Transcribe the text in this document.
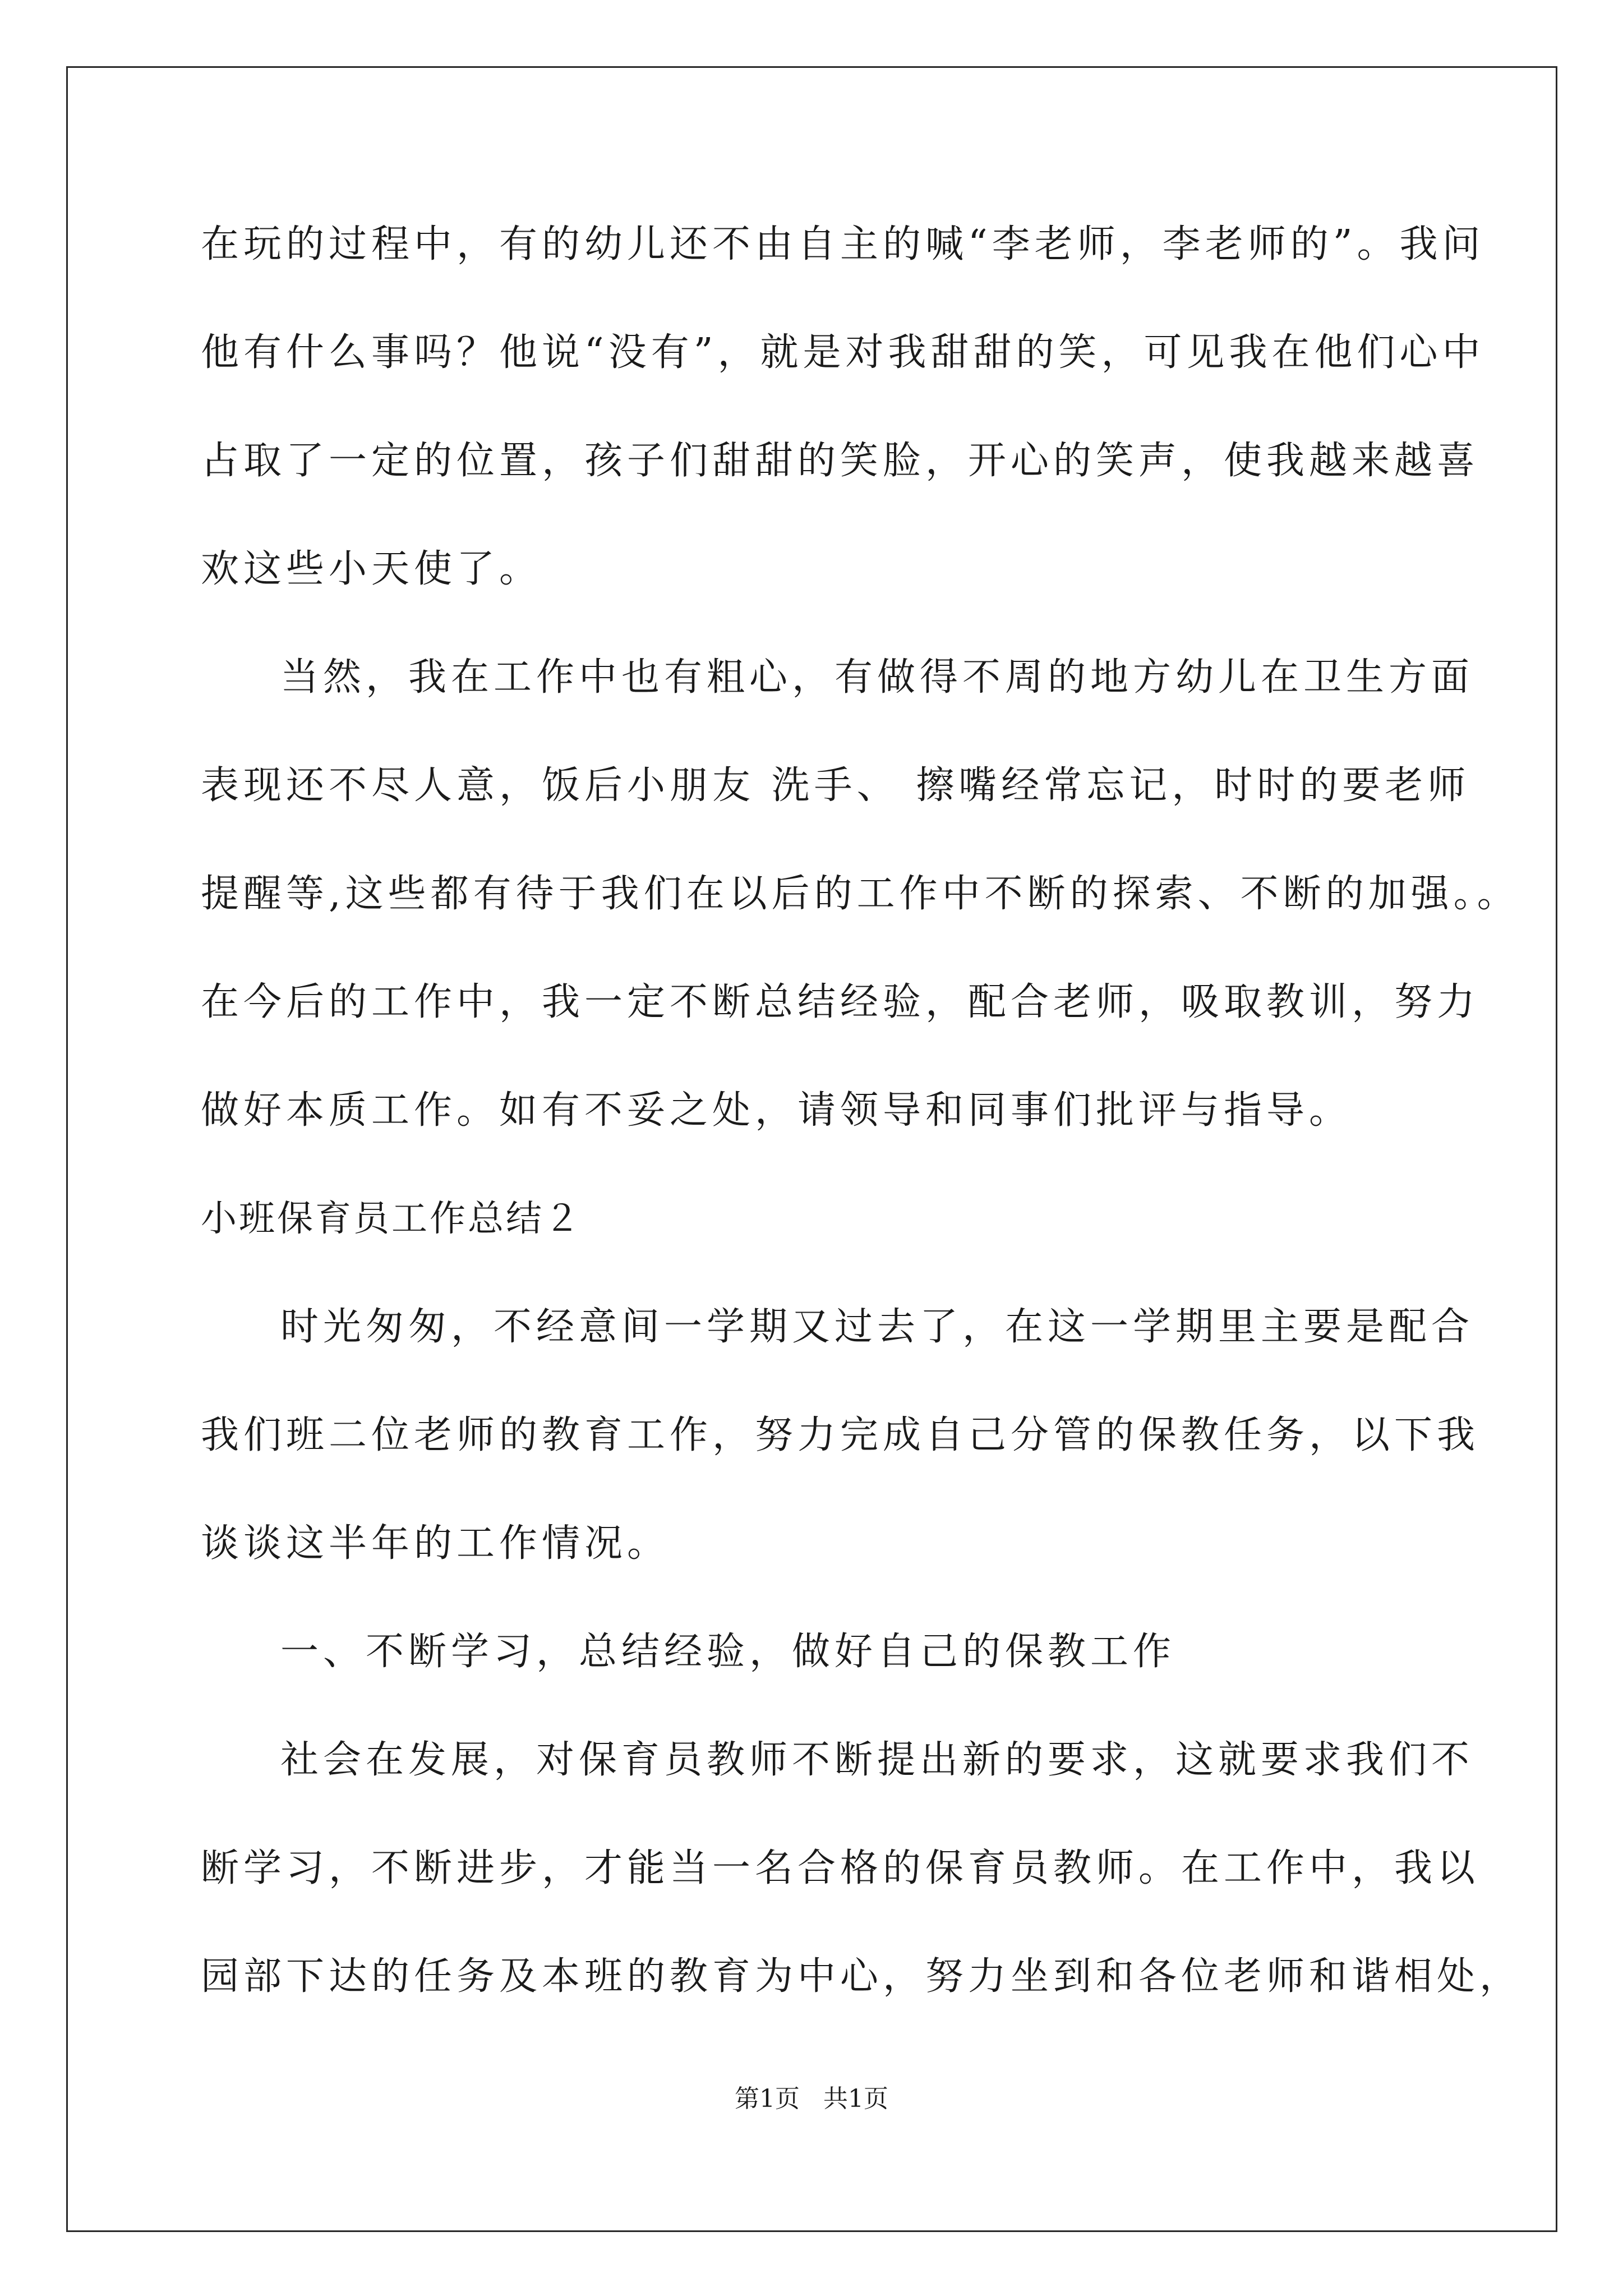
在玩的过程中，有的幼儿还不由自主的喊“李老师，李老师的”。我问
他有什么事吗？他说“没有”，就是对我甜甜的笑，可见我在他们心中
占取了一定的位置，孩子们甜甜的笑脸，开心的笑声，使我越来越喜
欢这些小天使了。
当然，我在工作中也有粗心，有做得不周的地方幼儿在卫生方面
表现还不尽人意，饭后小朋友 洗手、 擦嘴经常忘记，时时的要老师
提醒等,这些都有待于我们在以后的工作中不断的探索、不断的加强。。
在今后的工作中，我一定不断总结经验，配合老师，吸取教训，努力
做好本质工作。如有不妥之处，请领导和同事们批评与指导。
小班保育员工作总结２
时光匆匆，不经意间一学期又过去了，在这一学期里主要是配合
我们班二位老师的教育工作，努力完成自己分管的保教任务，以下我
谈谈这半年的工作情况。
一、不断学习，总结经验，做好自己的保教工作
社会在发展，对保育员教师不断提出新的要求，这就要求我们不
断学习，不断进步，才能当一名合格的保育员教师。在工作中，我以
园部下达的任务及本班的教育为中心，努力坐到和各位老师和谐相处，
第1页   共1页
